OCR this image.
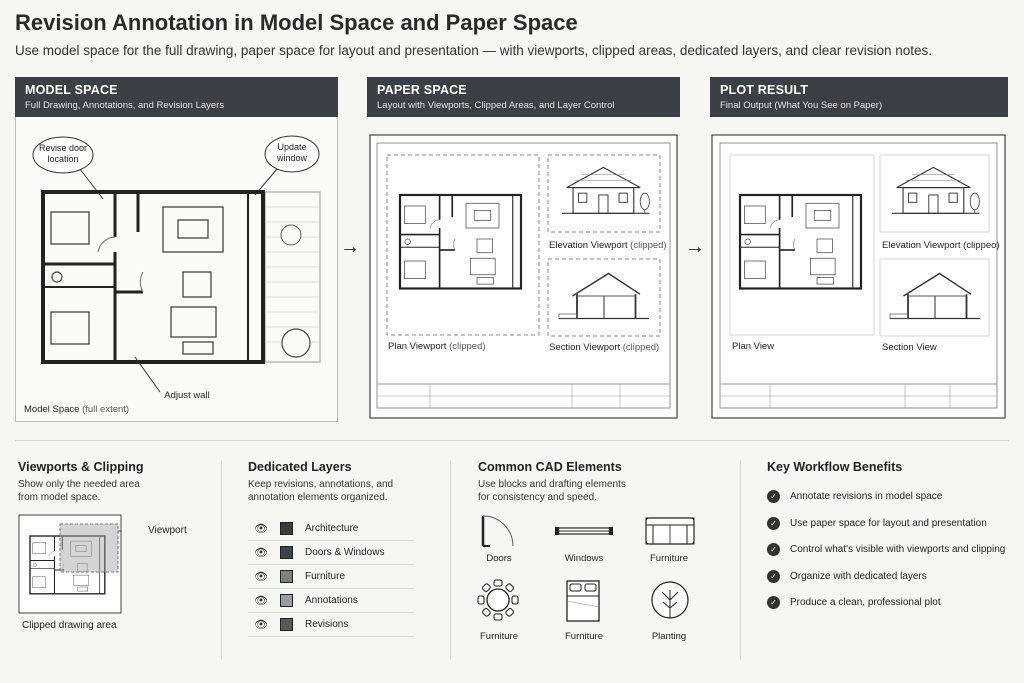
Revision Annotation in Model Space and Paper Space
Use model space for the full drawing, paper space for layout and presentation — with viewports, clipped areas, dedicated layers, and clear revision notes.
MODEL SPACE
Full Drawing, Annotations, and Revision Layers
Revise door
location
Update
window
Adjust wall
Model Space (full extent)
→
PAPER SPACE
Layout with Viewports, Clipped Areas, and Layer Control
Plan Viewport (clipped)
Elevation Viewport (clipped)
Section Viewport (clipped)
→
PLOT RESULT
Final Output (What You See on Paper)
Plan View
Elevation Viewport (clippeo)
Section View
Viewports & Clipping
Show only the needed area
from model space.
Viewport
Clipped drawing area
Dedicated Layers
Keep revisions, annotations, and
annotation elements organized.
👁	Architecture
👁	Doors & Windows
👁	Furniture
👁	Annotations
👁	Revisions
Common CAD Elements
Use blocks and drafting elements
for consistency and speed.
Doors	Windows	Furniture
Furniture	Furniture	Planting
Key Workflow Benefits
✓	Annotate revisions in model space
✓	Use paper space for layout and presentation
✓	Control what's visible with viewports and clipping
✓	Organize with dedicated layers
✓	Produce a clean, professional plot
